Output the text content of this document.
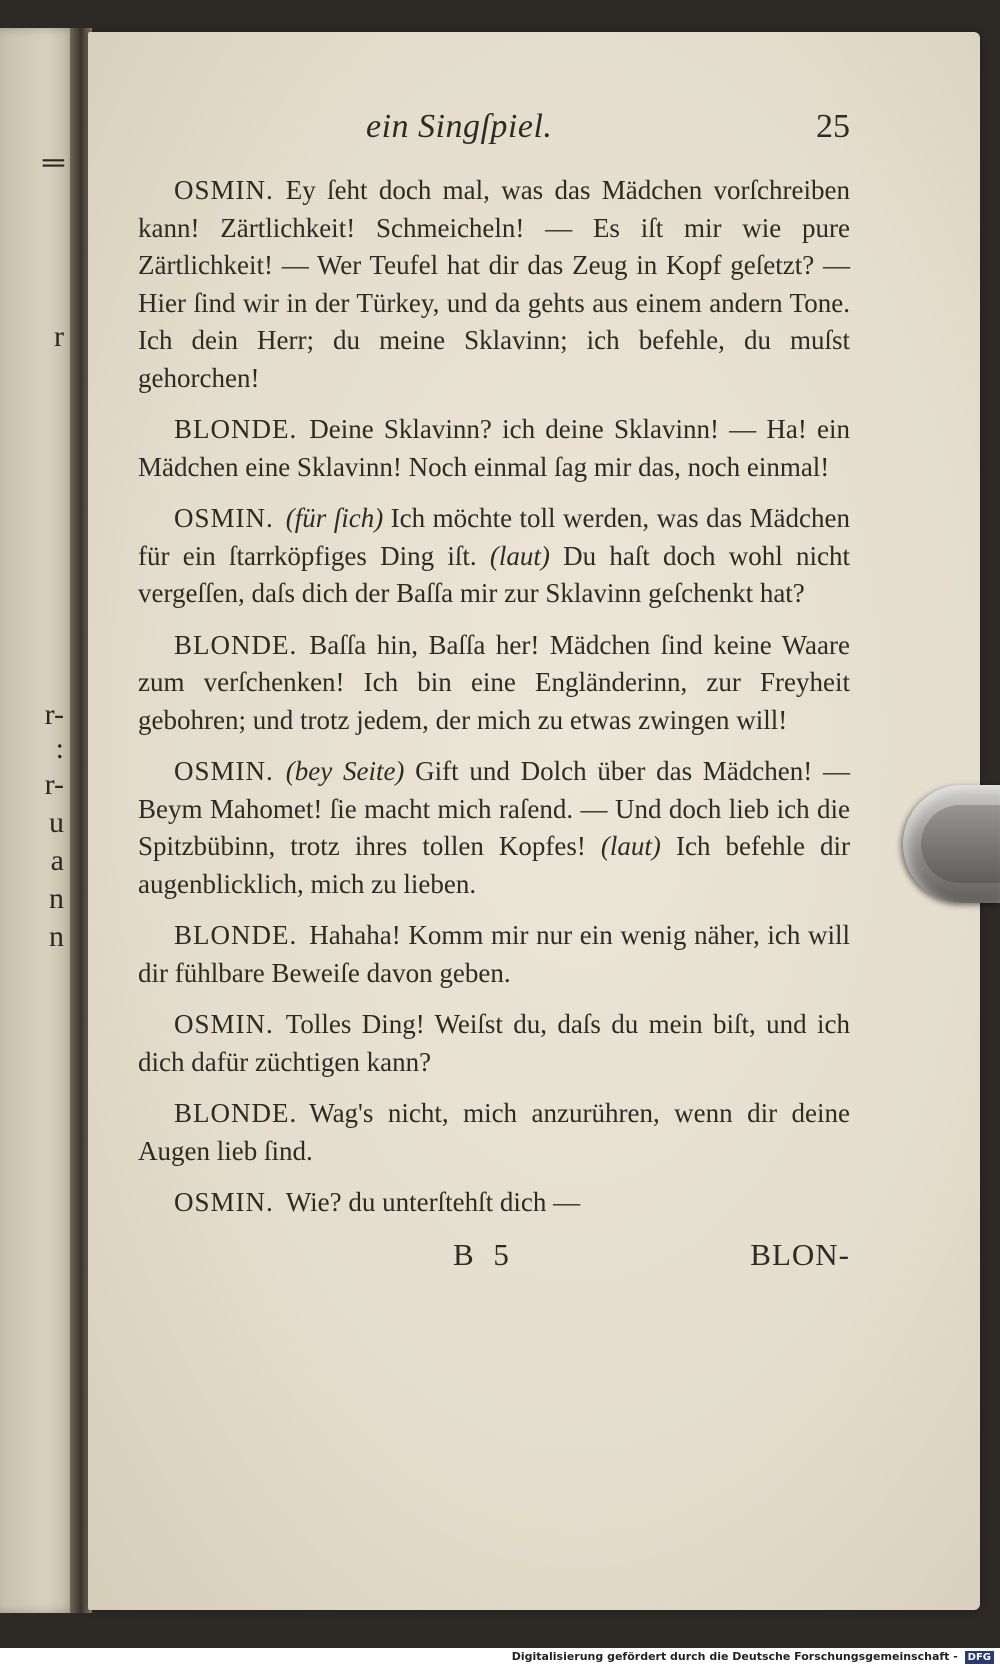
═
r
r-
:
r-
u
a
n
n
ein Singſpiel.	25

OSMIN. Ey ſeht doch mal, was das Mädchen vorſchreiben kann! Zärtlichkeit! Schmeicheln! — Es iſt mir wie pure Zärtlichkeit! — Wer Teufel hat dir das Zeug in Kopf geſetzt? — Hier ſind wir in der Türkey, und da gehts aus einem andern Tone. Ich dein Herr; du meine Sklavinn; ich befehle, du muſst gehorchen!

BLONDE. Deine Sklavinn? ich deine Sklavinn! — Ha! ein Mädchen eine Sklavinn! Noch einmal ſag mir das, noch einmal!

OSMIN. (für ſich) Ich möchte toll werden, was das Mädchen für ein ſtarrköpfiges Ding iſt. (laut) Du haſt doch wohl nicht vergeſſen, daſs dich der Baſſa mir zur Sklavinn geſchenkt hat?

BLONDE. Baſſa hin, Baſſa her! Mädchen ſind keine Waare zum verſchenken! Ich bin eine Engländerinn, zur Freyheit gebohren; und trotz jedem, der mich zu etwas zwingen will!

OSMIN. (bey Seite) Gift und Dolch über das Mädchen! — Beym Mahomet! ſie macht mich raſend. — Und doch lieb ich die Spitzbübinn, trotz ihres tollen Kopfes! (laut) Ich befehle dir augenblicklich, mich zu lieben.

BLONDE. Hahaha! Komm mir nur ein wenig näher, ich will dir fühlbare Beweiſe davon geben.

OSMIN. Tolles Ding! Weiſst du, daſs du mein biſt, und ich dich dafür züchtigen kann?

BLONDE. Wag's nicht, mich anzurühren, wenn dir deine Augen lieb ſind.

OSMIN. Wie? du unterſtehſt dich —

B 5	BLON-
Digitalisierung gefördert durch die Deutsche Forschungsgemeinschaft - DFG
